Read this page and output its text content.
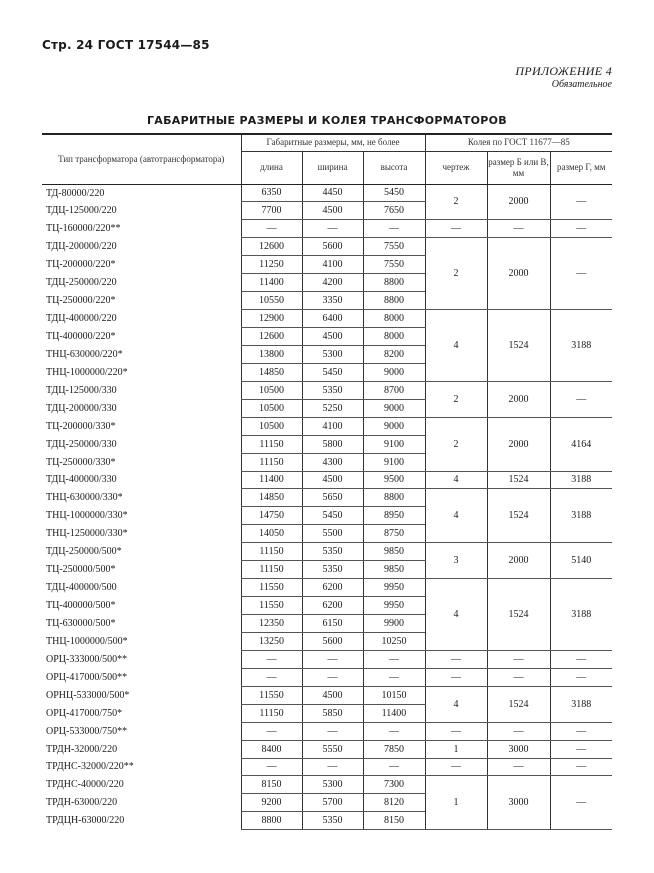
Стр. 24 ГОСТ 17544—85
ПРИЛОЖЕНИЕ 4
Обязательное
ГАБАРИТНЫЕ РАЗМЕРЫ И КОЛЕЯ ТРАНСФОРМАТОРОВ
Тип трансформатора (автотрансформатора)	Габаритные размеры, мм, не более			Колея по ГОСТ 11677—85		
	длина	ширина	высота	чертеж	размер Б или В, мм	размер Г, мм
ТД-80000/220	6350	4450	5450	2	2000	—
ТДЦ-125000/220	7700	4500	7650			
ТЦ-160000/220**	—	—	—	—	—	—
ТДЦ-200000/220	12600	5600	7550	2	2000	—
ТЦ-200000/220*	11250	4100	7550			
ТДЦ-250000/220	11400	4200	8800			
ТЦ-250000/220*	10550	3350	8800			
ТДЦ-400000/220	12900	6400	8000	4	1524	3188
ТЦ-400000/220*	12600	4500	8000			
ТНЦ-630000/220*	13800	5300	8200			
ТНЦ-1000000/220*	14850	5450	9000			
ТДЦ-125000/330	10500	5350	8700	2	2000	—
ТДЦ-200000/330	10500	5250	9000			
ТЦ-200000/330*	10500	4100	9000	2	2000	4164
ТДЦ-250000/330	11150	5800	9100			
ТЦ-250000/330*	11150	4300	9100			
ТДЦ-400000/330	11400	4500	9500	4	1524	3188
ТНЦ-630000/330*	14850	5650	8800	4	1524	3188
ТНЦ-1000000/330*	14750	5450	8950			
ТНЦ-1250000/330*	14050	5500	8750			
ТДЦ-250000/500*	11150	5350	9850	3	2000	5140
ТЦ-250000/500*	11150	5350	9850			
ТДЦ-400000/500	11550	6200	9950	4	1524	3188
ТЦ-400000/500*	11550	6200	9950			
ТЦ-630000/500*	12350	6150	9900			
ТНЦ-1000000/500*	13250	5600	10250			
ОРЦ-333000/500**	—	—	—	—	—	—
ОРЦ-417000/500**	—	—	—	—	—	—
ОРНЦ-533000/500*	11550	4500	10150	4	1524	3188
ОРЦ-417000/750*	11150	5850	11400			
ОРЦ-533000/750**	—	—	—	—	—	—
ТРДН-32000/220	8400	5550	7850	1	3000	—
ТРДНС-32000/220**	—	—	—	—	—	—
ТРДНС-40000/220	8150	5300	7300	1	3000	—
ТРДН-63000/220	9200	5700	8120			
ТРДЦН-63000/220	8800	5350	8150			
